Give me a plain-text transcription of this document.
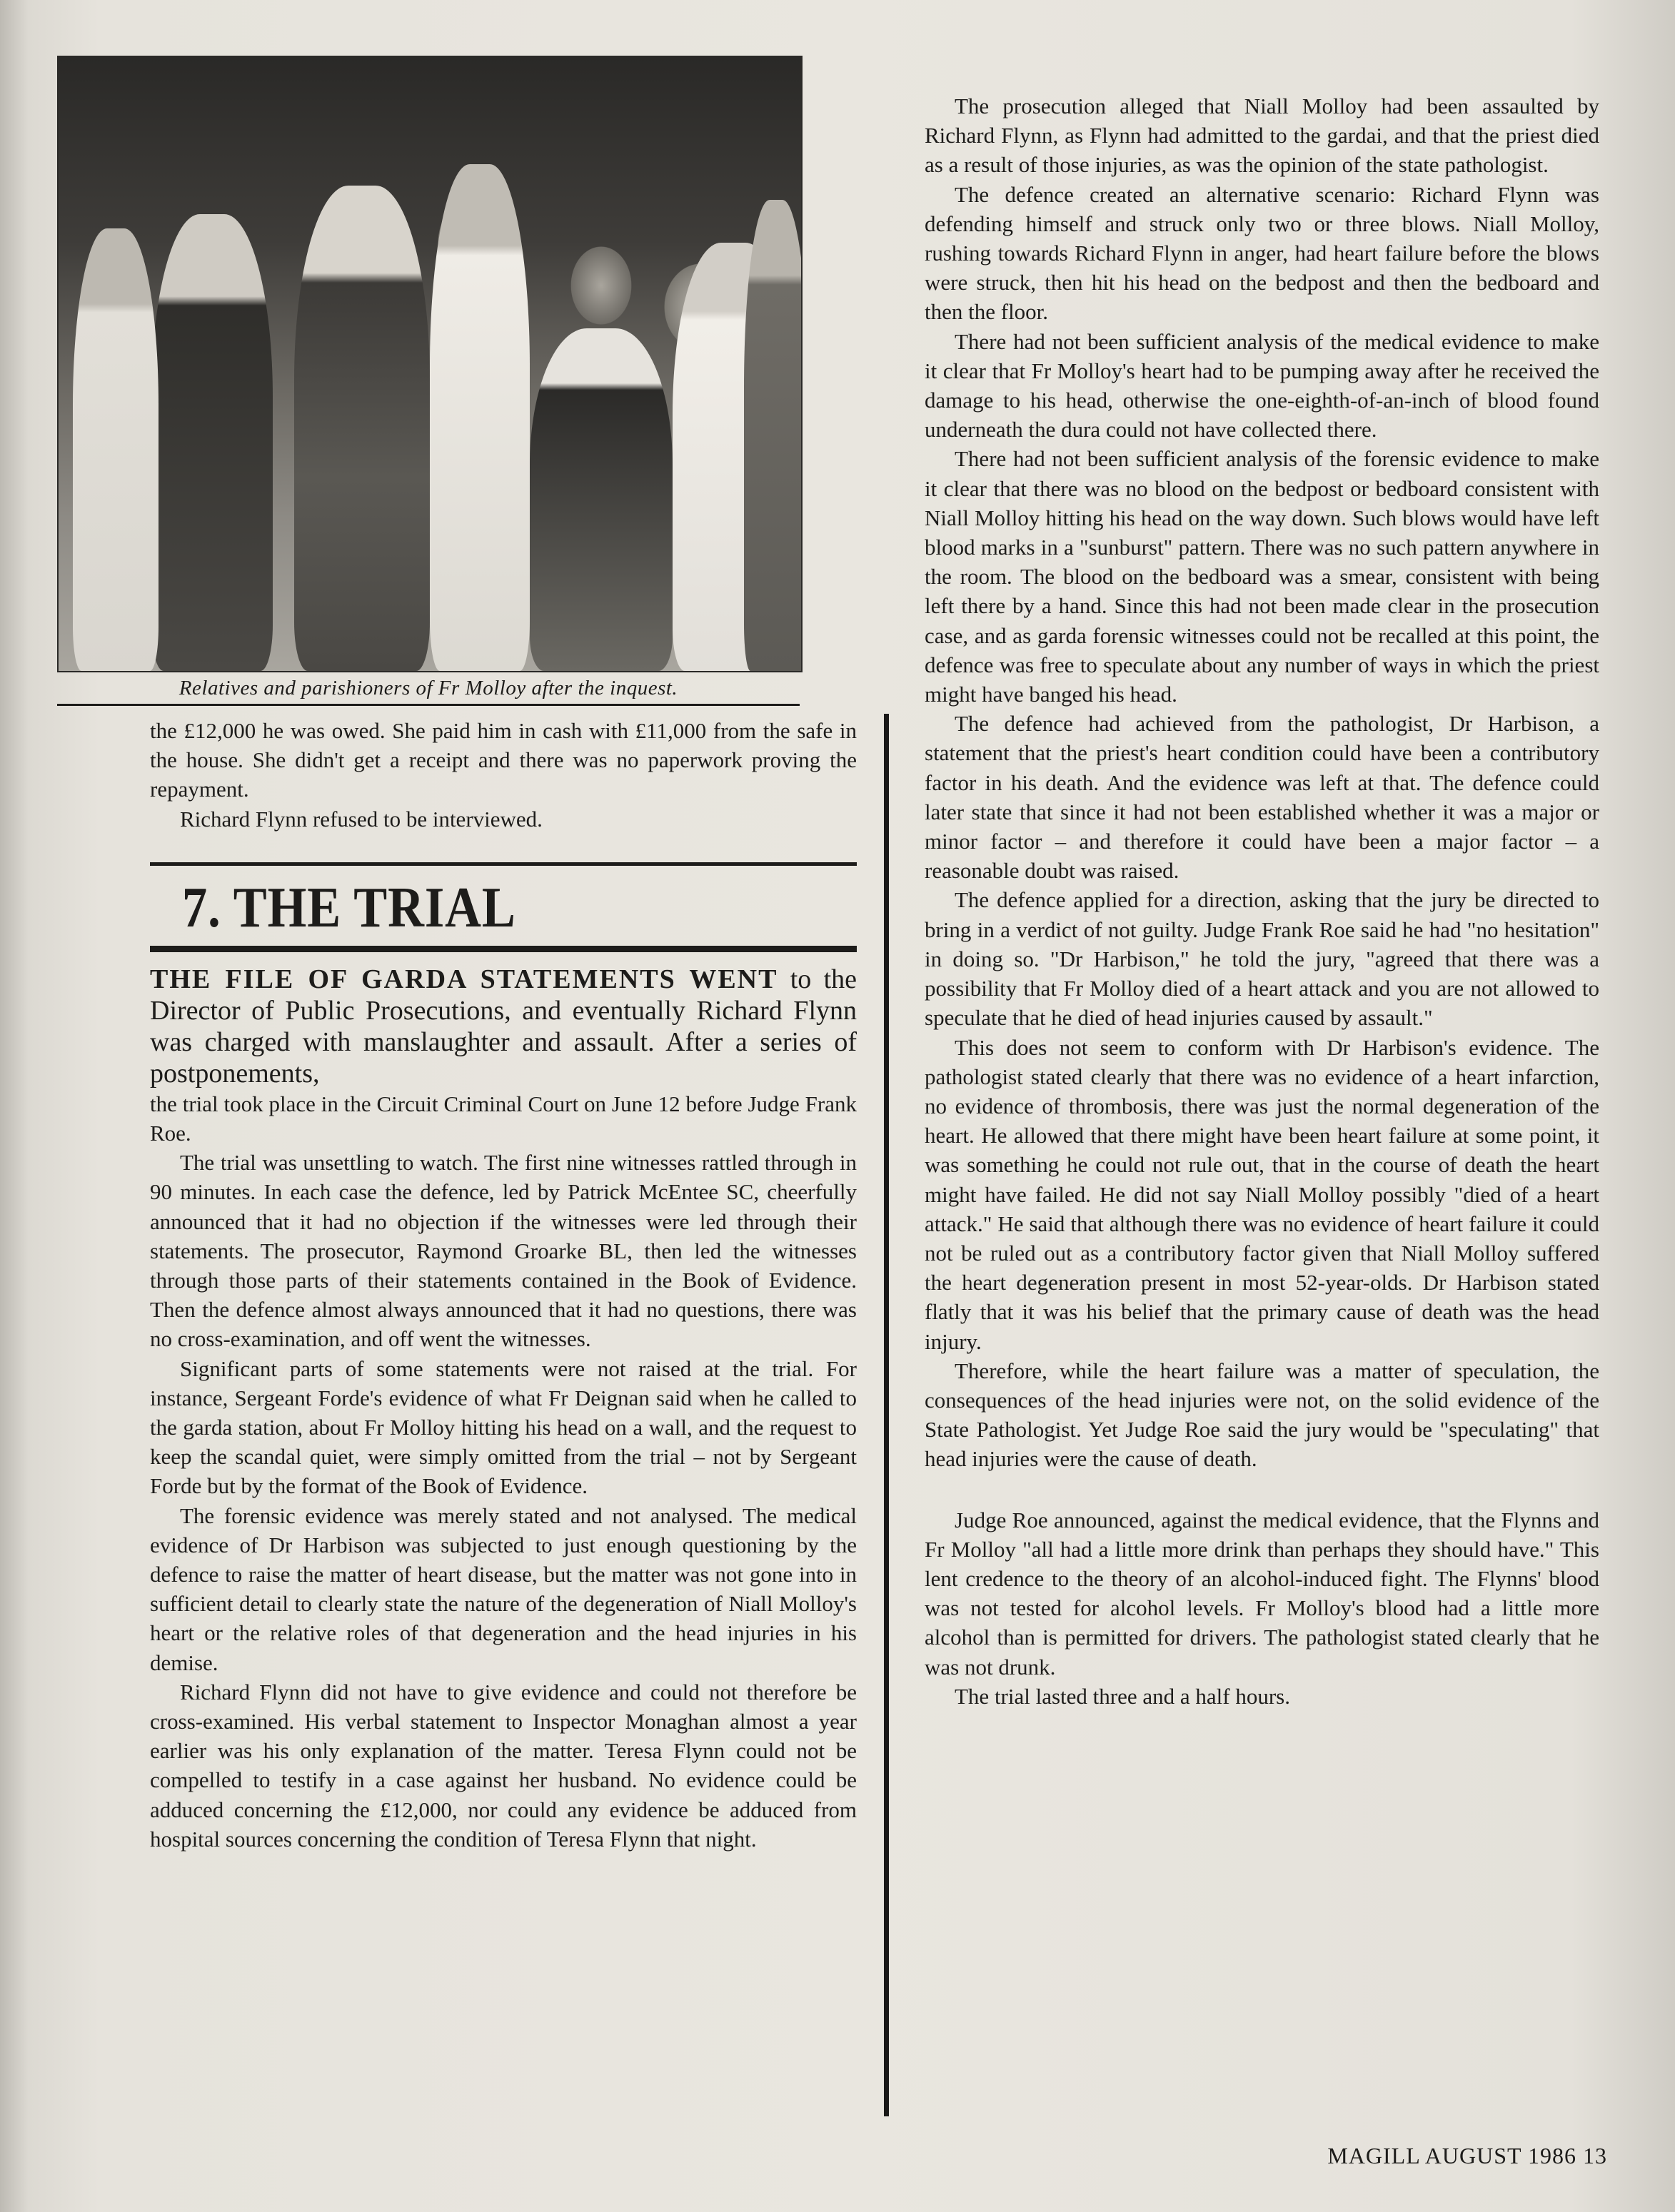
Relatives and parishioners of Fr Molloy after the inquest.

the £12,000 he was owed. She paid him in cash with £11,000 from the safe in the house. She didn't get a receipt and there was no paperwork proving the repayment.

Richard Flynn refused to be interviewed.

7. THE TRIAL

THE FILE OF GARDA STATEMENTS WENT to the Director of Public Prosecutions, and eventually Richard Flynn was charged with manslaughter and assault. After a series of postponements,

the trial took place in the Circuit Criminal Court on June 12 before Judge Frank Roe.

The trial was unsettling to watch. The first nine witnesses rattled through in 90 minutes. In each case the defence, led by Patrick McEntee SC, cheerfully announced that it had no objection if the witnesses were led through their statements. The prosecutor, Raymond Groarke BL, then led the witnesses through those parts of their statements contained in the Book of Evidence. Then the defence almost always announced that it had no questions, there was no cross-examination, and off went the witnesses.

Significant parts of some statements were not raised at the trial. For instance, Sergeant Forde's evidence of what Fr Deignan said when he called to the garda station, about Fr Molloy hitting his head on a wall, and the request to keep the scandal quiet, were simply omitted from the trial – not by Sergeant Forde but by the format of the Book of Evidence.

The forensic evidence was merely stated and not analysed. The medical evidence of Dr Harbison was subjected to just enough questioning by the defence to raise the matter of heart disease, but the matter was not gone into in sufficient detail to clearly state the nature of the degeneration of Niall Molloy's heart or the relative roles of that degeneration and the head injuries in his demise.

Richard Flynn did not have to give evidence and could not therefore be cross-examined. His verbal statement to Inspector Monaghan almost a year earlier was his only explanation of the matter. Teresa Flynn could not be compelled to testify in a case against her husband. No evidence could be adduced concerning the £12,000, nor could any evidence be adduced from hospital sources concerning the condition of Teresa Flynn that night.

The prosecution alleged that Niall Molloy had been assaulted by Richard Flynn, as Flynn had admitted to the gardai, and that the priest died as a result of those injuries, as was the opinion of the state pathologist.

The defence created an alternative scenario: Richard Flynn was defending himself and struck only two or three blows. Niall Molloy, rushing towards Richard Flynn in anger, had heart failure before the blows were struck, then hit his head on the bedpost and then the bedboard and then the floor.

There had not been sufficient analysis of the medical evidence to make it clear that Fr Molloy's heart had to be pumping away after he received the damage to his head, otherwise the one-eighth-of-an-inch of blood found underneath the dura could not have collected there.

There had not been sufficient analysis of the forensic evidence to make it clear that there was no blood on the bedpost or bedboard consistent with Niall Molloy hitting his head on the way down. Such blows would have left blood marks in a "sunburst" pattern. There was no such pattern anywhere in the room. The blood on the bedboard was a smear, consistent with being left there by a hand. Since this had not been made clear in the prosecution case, and as garda forensic witnesses could not be recalled at this point, the defence was free to speculate about any number of ways in which the priest might have banged his head.

The defence had achieved from the pathologist, Dr Harbison, a statement that the priest's heart condition could have been a contributory factor in his death. And the evidence was left at that. The defence could later state that since it had not been established whether it was a major or minor factor – and therefore it could have been a major factor – a reasonable doubt was raised.

The defence applied for a direction, asking that the jury be directed to bring in a verdict of not guilty. Judge Frank Roe said he had "no hesitation" in doing so. "Dr Harbison," he told the jury, "agreed that there was a possibility that Fr Molloy died of a heart attack and you are not allowed to speculate that he died of head injuries caused by assault."

This does not seem to conform with Dr Harbison's evidence. The pathologist stated clearly that there was no evidence of a heart infarction, no evidence of thrombosis, there was just the normal degeneration of the heart. He allowed that there might have been heart failure at some point, it was something he could not rule out, that in the course of death the heart might have failed. He did not say Niall Molloy possibly "died of a heart attack." He said that although there was no evidence of heart failure it could not be ruled out as a contributory factor given that Niall Molloy suffered the heart degeneration present in most 52-year-olds. Dr Harbison stated flatly that it was his belief that the primary cause of death was the head injury.

Therefore, while the heart failure was a matter of speculation, the consequences of the head injuries were not, on the solid evidence of the State Pathologist. Yet Judge Roe said the jury would be "speculating" that head injuries were the cause of death.

Judge Roe announced, against the medical evidence, that the Flynns and Fr Molloy "all had a little more drink than perhaps they should have." This lent credence to the theory of an alcohol-induced fight. The Flynns' blood was not tested for alcohol levels. Fr Molloy's blood had a little more alcohol than is permitted for drivers. The pathologist stated clearly that he was not drunk.

The trial lasted three and a half hours.

MAGILL AUGUST 1986 13
